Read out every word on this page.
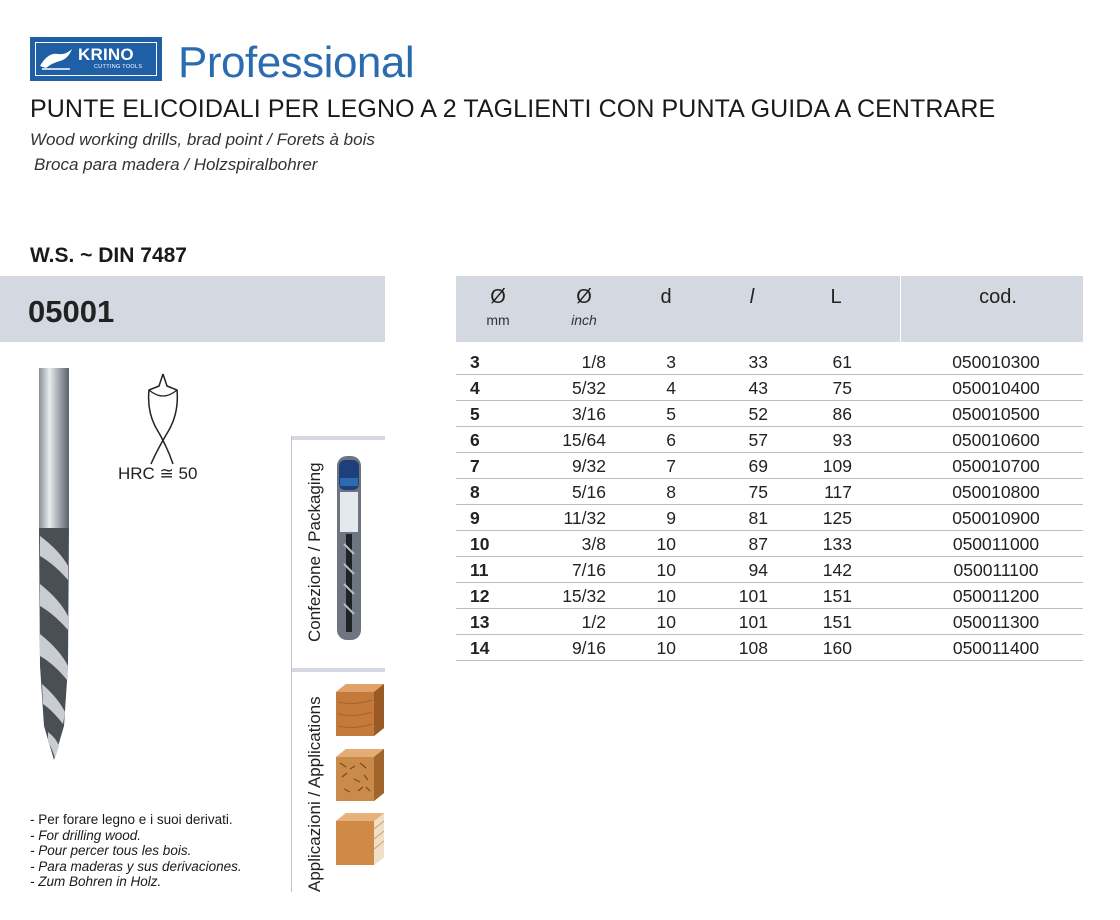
KRINO
CUTTING TOOLS Professional
PUNTE ELICOIDALI PER LEGNO A 2 TAGLIENTI CON PUNTA GUIDA A CENTRARE
Wood working drills, brad point / Forets à bois
Broca para madera / Holzspiralbohrer
W.S. ~ DIN 7487
05001
HRC ≅ 50	Confezione / Packaging
Applicazioni / Applications
- Per forare legno e i suoi derivati.
- For drilling wood.
- Pour percer tous les bois.
- Para maderas y sus derivaciones.
- Zum Bohren in Holz.
Ø
mm
Ø
inch
d	l	L	cod.
3	1/8	3	33	61	050010300
4	5/32	4	43	75	050010400
5	3/16	5	52	86	050010500
6	15/64	6	57	93	050010600
7	9/32	7	69	109	050010700
8	5/16	8	75	117	050010800
9	11/32	9	81	125	050010900
10	3/8	10	87	133	050011000
11	7/16	10	94	142	050011100
12	15/32	10	101	151	050011200
13	1/2	10	101	151	050011300
14	9/16	10	108	160	050011400
